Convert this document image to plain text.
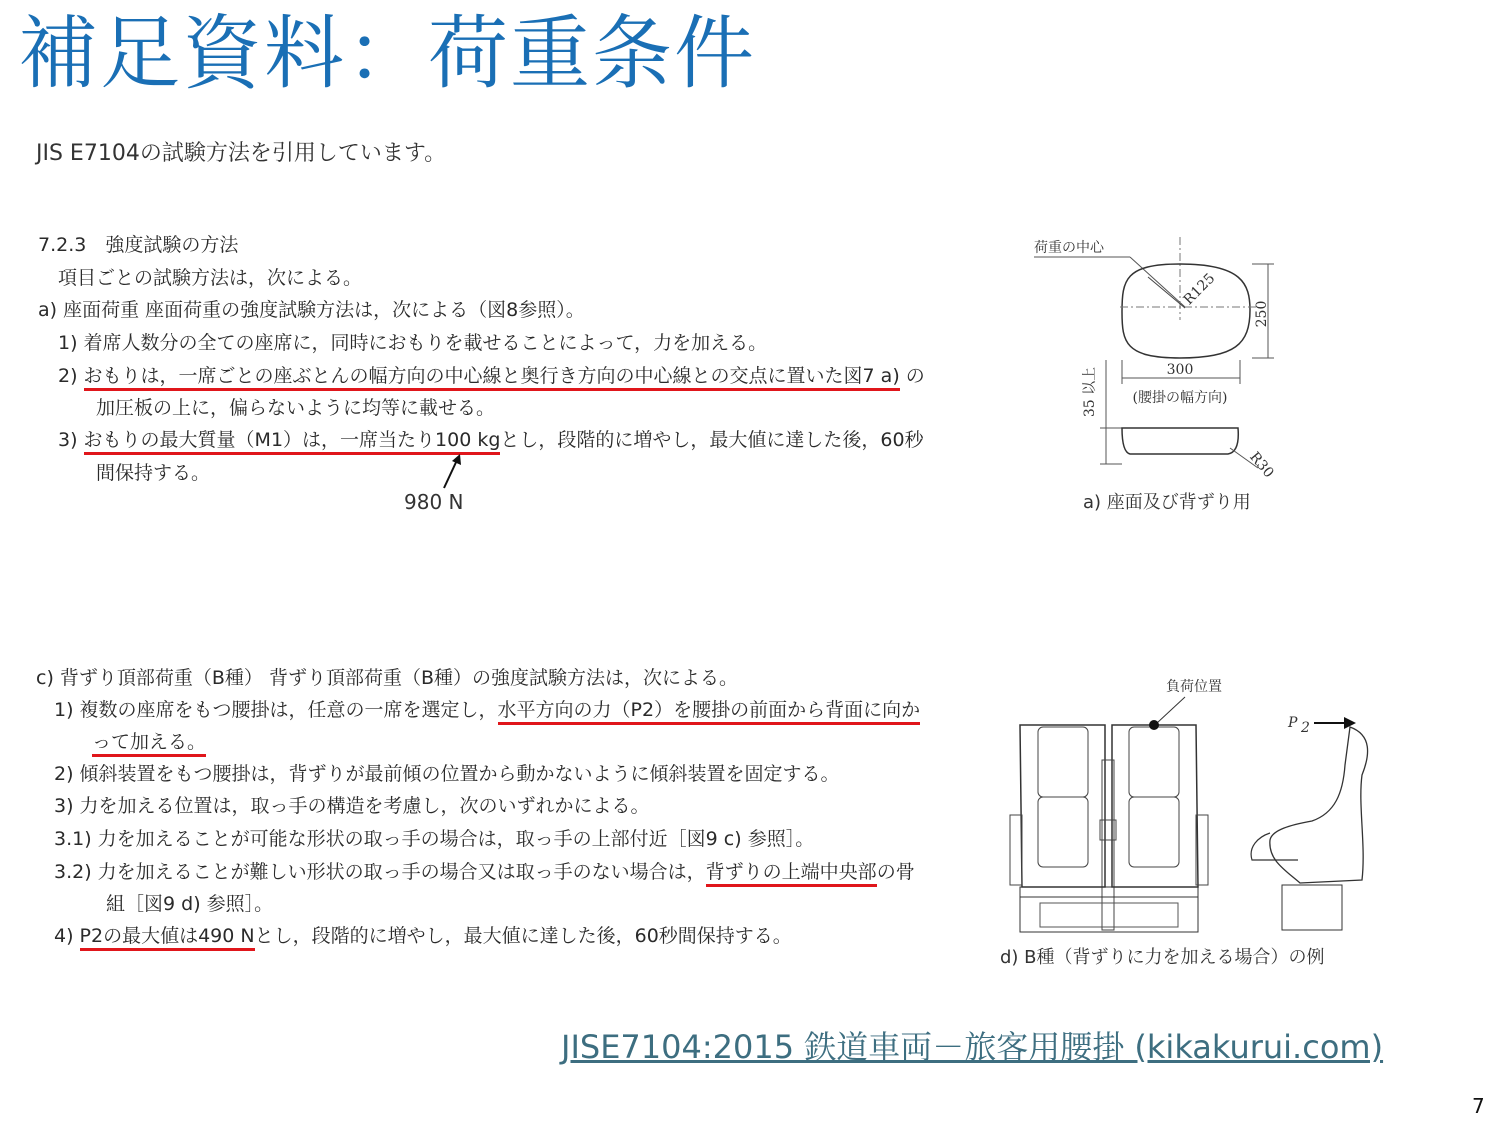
補足資料：荷重条件
JIS E7104の試験方法を引用しています。
7.2.3　強度試験の方法
項目ごとの試験方法は，次による。
a) 座面荷重 座面荷重の強度試験方法は，次による（図8参照）。
1) 着席人数分の全ての座席に，同時におもりを載せることによって，力を加える。
2) おもりは，一席ごとの座ぶとんの幅方向の中心線と奥行き方向の中心線との交点に置いた図7 a) の
加圧板の上に，偏らないように均等に載せる。
3) おもりの最大質量（M1）は，一席当たり100 kgとし，段階的に増やし，最大値に達した後，60秒
間保持する。
980 N
荷重の中心
R125
250
300
(腰掛の幅方向)
35 以上
R30
a) 座面及び背ずり用
c) 背ずり頂部荷重（B種） 背ずり頂部荷重（B種）の強度試験方法は，次による。
1) 複数の座席をもつ腰掛は，任意の一席を選定し，水平方向の力（P2）を腰掛の前面から背面に向か
って加える。
2) 傾斜装置をもつ腰掛は，背ずりが最前傾の位置から動かないように傾斜装置を固定する。
3) 力を加える位置は，取っ手の構造を考慮し，次のいずれかによる。
3.1) 力を加えることが可能な形状の取っ手の場合は，取っ手の上部付近［図9 c) 参照］。
3.2) 力を加えることが難しい形状の取っ手の場合又は取っ手のない場合は，背ずりの上端中央部の骨
組［図9 d) 参照］。
4) P2の最大値は490 Nとし，段階的に増やし，最大値に達した後，60秒間保持する。
負荷位置
P 2
d) B種（背ずりに力を加える場合）の例
JISE7104:2015 鉄道車両－旅客用腰掛 (kikakurui.com)
7
